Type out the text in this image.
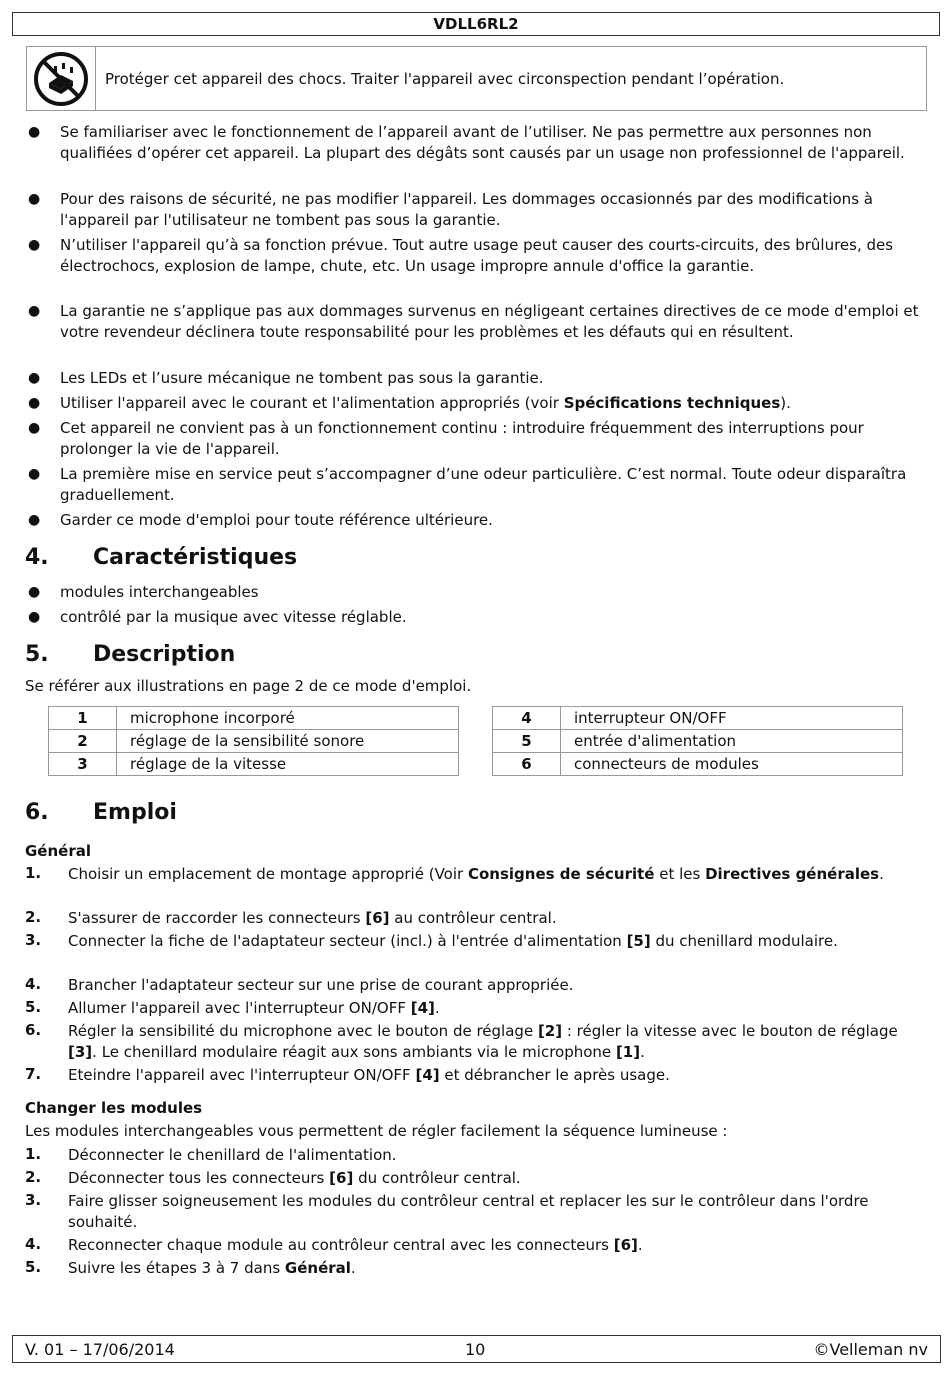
VDLL6RL2
Protéger cet appareil des chocs. Traiter l'appareil avec circonspection pendant l’opération.
● Se familiariser avec le fonctionnement de l’appareil avant de l’utiliser. Ne pas permettre aux personnes non qualifiées d’opérer cet appareil. La plupart des dégâts sont causés par un usage non professionnel de l'appareil.
● Pour des raisons de sécurité, ne pas modifier l'appareil. Les dommages occasionnés par des modifications à l'appareil par l'utilisateur ne tombent pas sous la garantie.
● N’utiliser l'appareil qu’à sa fonction prévue. Tout autre usage peut causer des courts-circuits, des brûlures, des électrochocs, explosion de lampe, chute, etc. Un usage impropre annule d'office la garantie.
● La garantie ne s’applique pas aux dommages survenus en négligeant certaines directives de ce mode d'emploi et votre revendeur déclinera toute responsabilité pour les problèmes et les défauts qui en résultent.
● Les LEDs et l’usure mécanique ne tombent pas sous la garantie.
● Utiliser l'appareil avec le courant et l'alimentation appropriés (voir Spécifications techniques).
● Cet appareil ne convient pas à un fonctionnement continu : introduire fréquemment des interruptions pour prolonger la vie de l'appareil.
● La première mise en service peut s’accompagner d’une odeur particulière. C’est normal. Toute odeur disparaîtra graduellement.
● Garder ce mode d'emploi pour toute référence ultérieure.
4. Caractéristiques
● modules interchangeables
● contrôlé par la musique avec vitesse réglable.
5. Description
Se référer aux illustrations en page 2 de ce mode d'emploi.
1	microphone incorporé
2	réglage de la sensibilité sonore
3	réglage de la vitesse
4	interrupteur ON/OFF
5	entrée d'alimentation
6	connecteurs de modules
6. Emploi
Général
1. Choisir un emplacement de montage approprié (Voir Consignes de sécurité et les Directives générales.
2. S'assurer de raccorder les connecteurs [6] au contrôleur central.
3. Connecter la fiche de l'adaptateur secteur (incl.) à l'entrée d'alimentation [5] du chenillard modulaire.
4. Brancher l'adaptateur secteur sur une prise de courant appropriée.
5. Allumer l'appareil avec l'interrupteur ON/OFF [4].
6. Régler la sensibilité du microphone avec le bouton de réglage [2] : régler la vitesse avec le bouton de réglage [3]. Le chenillard modulaire réagit aux sons ambiants via le microphone [1].
7. Eteindre l'appareil avec l'interrupteur ON/OFF [4] et débrancher le après usage.
Changer les modules
Les modules interchangeables vous permettent de régler facilement la séquence lumineuse :
1. Déconnecter le chenillard de l'alimentation.
2. Déconnecter tous les connecteurs [6] du contrôleur central.
3. Faire glisser soigneusement les modules du contrôleur central et replacer les sur le contrôleur dans l'ordre souhaité.
4. Reconnecter chaque module au contrôleur central avec les connecteurs [6].
5. Suivre les étapes 3 à 7 dans Général.
V. 01 – 17/06/2014	10	©Velleman nv
